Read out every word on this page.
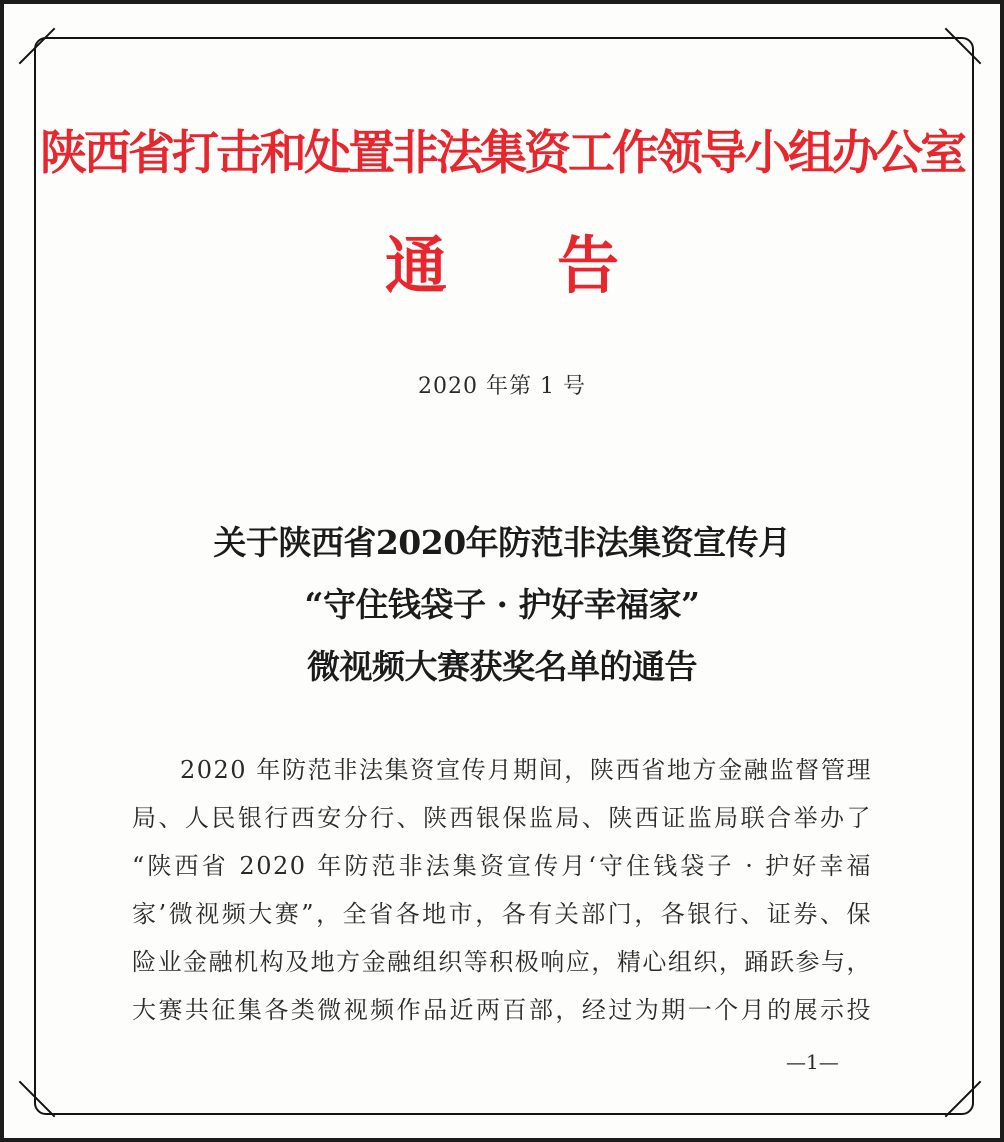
陕西省打击和处置非法集资工作领导小组办公室
通告
2020 年第 1 号
关于陕西省2020年防范非法集资宣传月
“守住钱袋子 · 护好幸福家”
微视频大赛获奖名单的通告
2020 年防范非法集资宣传月期间，陕西省地方金融监督管理
局、人民银行西安分行、陕西银保监局、陕西证监局联合举办了
“陕西省 2020 年防范非法集资宣传月‘守住钱袋子 · 护好幸福
家’微视频大赛”，全省各地市，各有关部门，各银行、证券、保
险业金融机构及地方金融组织等积极响应，精心组织，踊跃参与，
大赛共征集各类微视频作品近两百部，经过为期一个月的展示投
—1—
